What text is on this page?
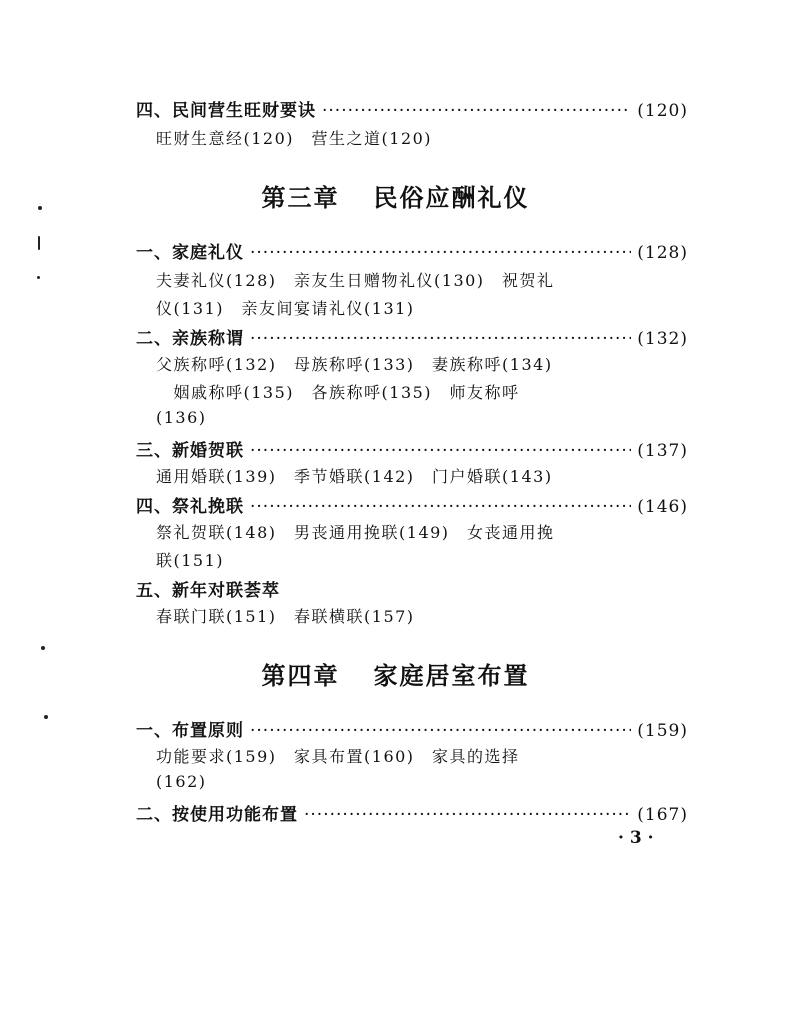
四、民间营生旺财要诀 ·····	(120)
旺财生意经(120)　营生之道(120)
第三章 民俗应酬礼仪
一、家庭礼仪 ·····	(128)
夫妻礼仪(128)　亲友生日赠物礼仪(130)　祝贺礼
仪(131)　亲友间宴请礼仪(131)
二、亲族称谓 ·····	(132)
父族称呼(132)　母族称呼(133)　妻族称呼(134)
　姻戚称呼(135)　各族称呼(135)　师友称呼
(136)
三、新婚贺联 ·····	(137)
通用婚联(139)　季节婚联(142)　门户婚联(143)
四、祭礼挽联 ·····	(146)
祭礼贺联(148)　男丧通用挽联(149)　女丧通用挽
联(151)
五、新年对联荟萃
春联门联(151)　春联横联(157)
第四章 家庭居室布置
一、布置原则 ·····	(159)
功能要求(159)　家具布置(160)　家具的选择
(162)
二、按使用功能布置 ·····	(167)
· 3 ·
